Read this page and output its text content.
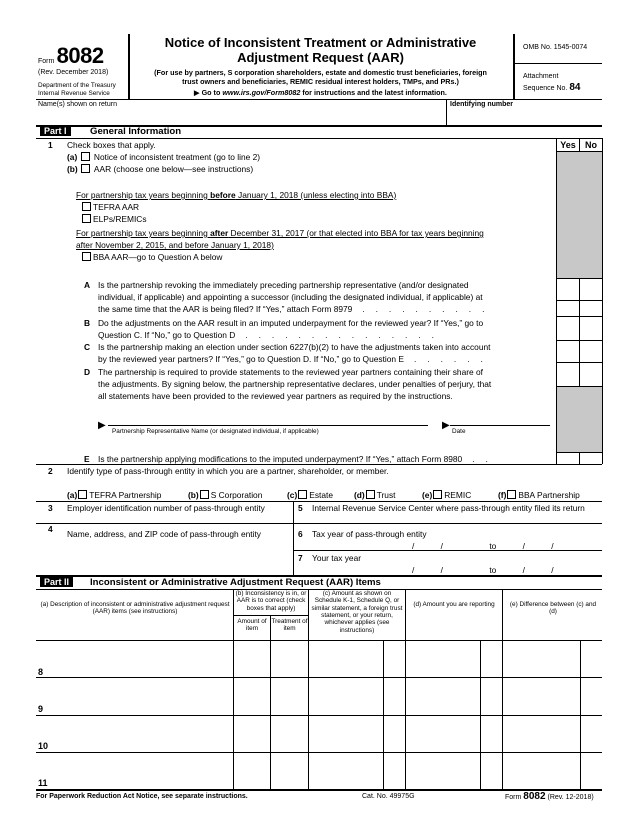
Form 8082
(Rev. December 2018)
Department of the Treasury
Internal Revenue Service
Notice of Inconsistent Treatment or Administrative
Adjustment Request (AAR)
(For use by partners, S corporation shareholders, estate and domestic trust beneficiaries, foreign
trust owners and beneficiaries, REMIC residual interest holders, TMPs, and PRs.)
▶ Go to www.irs.gov/Form8082 for instructions and the latest information.
OMB No. 1545-0074
Attachment
Sequence No. 84
Name(s) shown on return	Identifying number
Part I	General Information
Yes	No
1 Check boxes that apply.
(a) Notice of inconsistent treatment (go to line 2)
(b) AAR (choose one below—see instructions)
For partnership tax years beginning before January 1, 2018 (unless electing into BBA)
TEFRA AAR
ELPs/REMICs
For partnership tax years beginning after December 31, 2017 (or that elected into BBA for tax years beginning
after November 2, 2015, and before January 1, 2018)
BBA AAR—go to Question A below
A Is the partnership revoking the immediately preceding partnership representative (and/or designated
individual, if applicable) and appointing a successor (including the designated individual, if applicable) at
the same time that the AAR is being filed? If “Yes,” attach Form 8979   .   .   .   .   .   .   .   .   .   .
B Do the adjustments on the AAR result in an imputed underpayment for the reviewed year? If “Yes,” go to
Question C. If “No,” go to Question D   .   .   .   .   .   .   .   .   .   .   .   .   .   .   .
C Is the partnership making an election under section 6227(b)(2) to have the adjustments taken into account
by the reviewed year partners? If “Yes,” go to Question D. If “No,” go to Question E   .   .   .   .   .   .
D The partnership is required to provide statements to the reviewed year partners containing their share of
the adjustments. By signing below, the partnership representative declares, under penalties of perjury, that
all statements have been provided to the reviewed year partners as required by the instructions.
▶
Partnership Representative Name (or designated individual, if applicable)
▶
Date
E Is the partnership applying modifications to the imputed underpayment? If “Yes,” attach Form 8980   .   .
2 Identify type of pass-through entity in which you are a partner, shareholder, or member.
(a) TEFRA Partnership	(b) S Corporation	(c) Estate	(d) Trust	(e) REMIC	(f) BBA Partnership
3 Employer identification number of pass-through entity	5 Internal Revenue Service Center where pass-through entity filed its return
4 Name, address, and ZIP code of pass-through entity	6 Tax year of pass-through entity
/	/	to	/	/
7 Your tax year
/	/	to	/	/
Part II	Inconsistent or Administrative Adjustment Request (AAR) Items
(a) Description of inconsistent or administrative adjustment request (AAR) items (see instructions)
(b) Inconsistency is in, or AAR is to correct (check boxes that apply)
Amount of item
Treatment of item
(c) Amount as shown on Schedule K-1, Schedule Q, or similar statement, a foreign trust statement, or your return, whichever applies (see instructions)
(d) Amount you are reporting	(e) Difference between (c) and (d)
8
9
10
11
For Paperwork Reduction Act Notice, see separate instructions.	Cat. No. 49975G	Form 8082 (Rev. 12-2018)
